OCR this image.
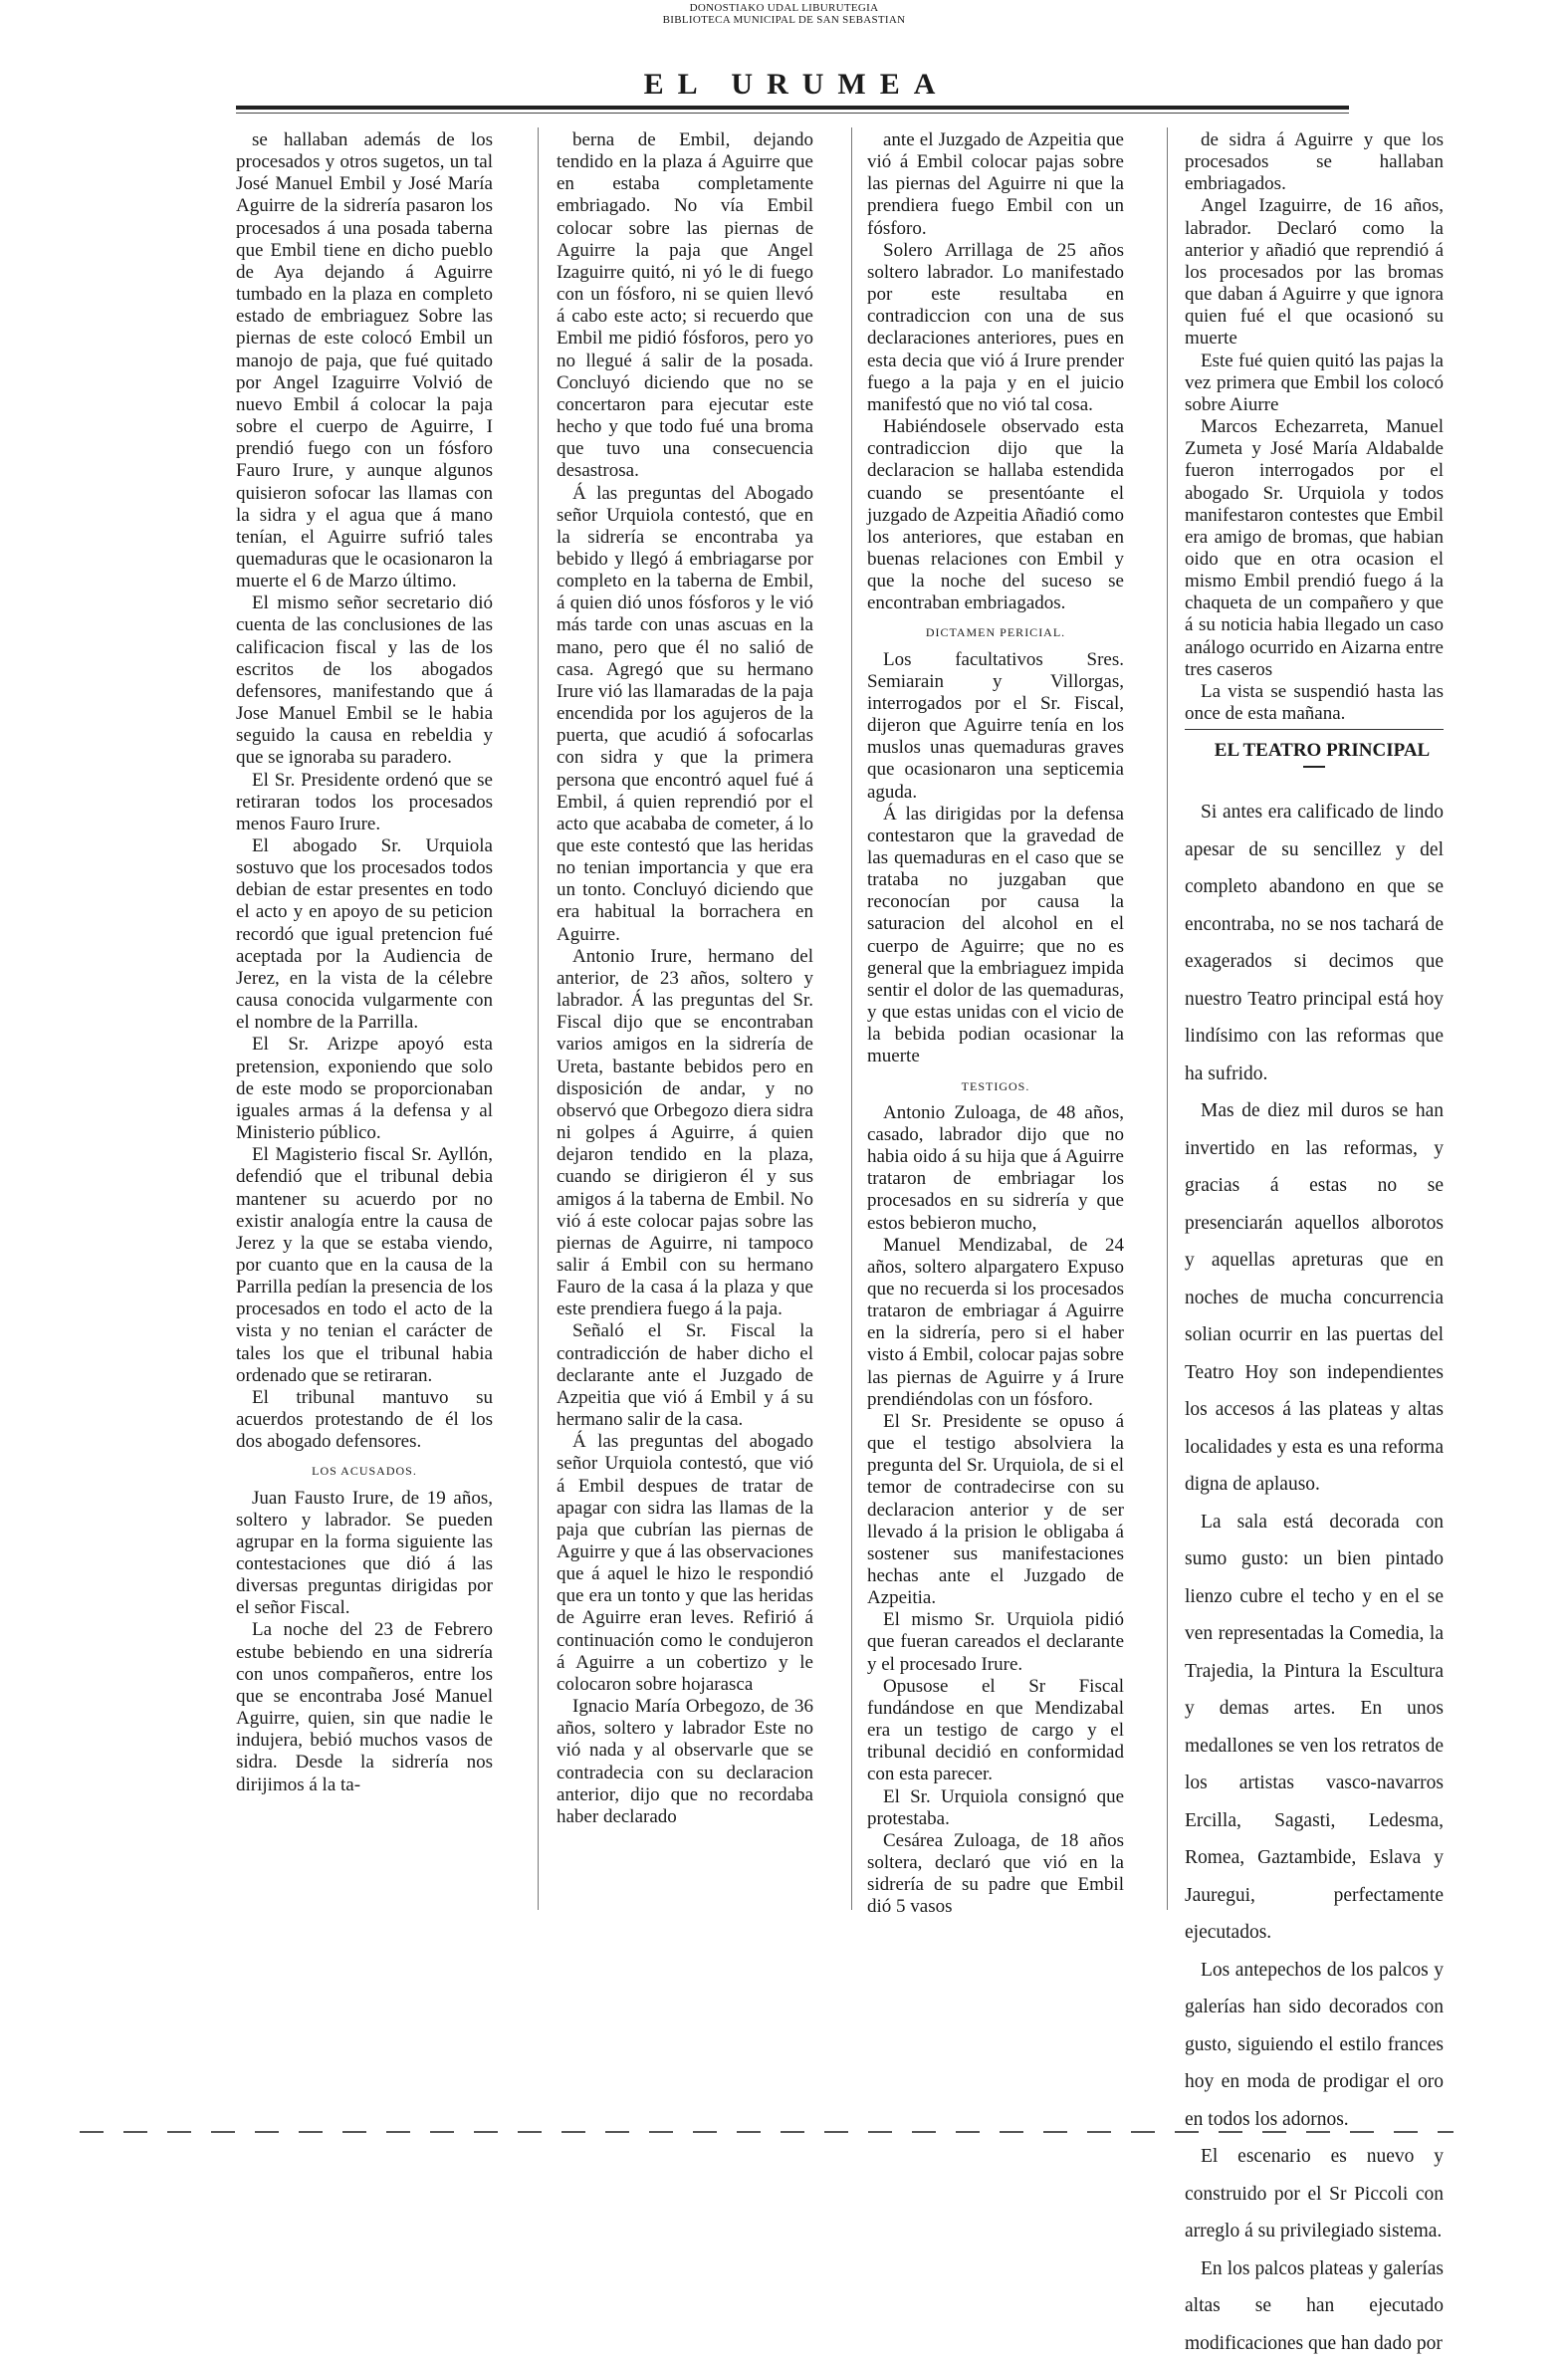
DONOSTIAKO UDAL LIBURUTEGIA
BIBLIOTECA MUNICIPAL DE SAN SEBASTIAN
EL URUMEA

se hallaban además de los procesados y otros sugetos, un tal José Manuel Embil y José María Aguirre de la sidrería pasaron los procesados á una posada taberna que Embil tiene en dicho pueblo de Aya dejando á Aguirre tumbado en la plaza en completo estado de embriaguez Sobre las piernas de este colocó Embil un manojo de paja, que fué quitado por Angel Izaguirre Volvió de nuevo Embil á colocar la paja sobre el cuerpo de Aguirre, I prendió fuego con un fósforo Fauro Irure, y aunque algunos quisieron sofocar las llamas con la sidra y el agua que á mano tenían, el Aguirre sufrió tales quemaduras que le ocasionaron la muerte el 6 de Marzo último.

El mismo señor secretario dió cuenta de las conclusiones de las calificacion fiscal y las de los escritos de los abogados defensores, manifestando que á Jose Manuel Embil se le habia seguido la causa en rebeldia y que se ignoraba su paradero.

El Sr. Presidente ordenó que se retiraran todos los procesados menos Fauro Irure.

El abogado Sr. Urquiola sostuvo que los procesados todos debian de estar presentes en todo el acto y en apoyo de su peticion recordó que igual pretencion fué aceptada por la Audiencia de Jerez, en la vista de la célebre causa conocida vulgarmente con el nombre de la Parrilla.

El Sr. Arizpe apoyó esta pretension, exponiendo que solo de este modo se proporcionaban iguales armas á la defensa y al Ministerio público.

El Magisterio fiscal Sr. Ayllón, defendió que el tribunal debia mantener su acuerdo por no existir analogía entre la causa de Jerez y la que se estaba viendo, por cuanto que en la causa de la Parrilla pedían la presencia de los procesados en todo el acto de la vista y no tenian el carácter de tales los que el tribunal habia ordenado que se retiraran.

El tribunal mantuvo su acuerdos protestando de él los dos abogado defensores.

LOS ACUSADOS.

Juan Fausto Irure, de 19 años, soltero y labrador. Se pueden agrupar en la forma siguiente las contestaciones que dió á las diversas preguntas dirigidas por el señor Fiscal.

La noche del 23 de Febrero estube bebiendo en una sidrería con unos compañeros, entre los que se encontraba José Manuel Aguirre, quien, sin que nadie le indujera, bebió muchos vasos de sidra. Desde la sidrería nos dirijimos á la ta-

berna de Embil, dejando tendido en la plaza á Aguirre que en estaba completamente embriagado. No vía Embil colocar sobre las piernas de Aguirre la paja que Angel Izaguirre quitó, ni yó le di fuego con un fósforo, ni se quien llevó á cabo este acto; si recuerdo que Embil me pidió fósforos, pero yo no llegué á salir de la posada. Concluyó diciendo que no se concertaron para ejecutar este hecho y que todo fué una broma que tuvo una consecuencia desastrosa.

Á las preguntas del Abogado señor Urquiola contestó, que en la sidrería se encontraba ya bebido y llegó á embriagarse por completo en la taberna de Embil, á quien dió unos fósforos y le vió más tarde con unas ascuas en la mano, pero que él no salió de casa. Agregó que su hermano Irure vió las llamaradas de la paja encendida por los agujeros de la puerta, que acudió á sofocarlas con sidra y que la primera persona que encontró aquel fué á Embil, á quien reprendió por el acto que acababa de cometer, á lo que este contestó que las heridas no tenian importancia y que era un tonto. Concluyó diciendo que era habitual la borrachera en Aguirre.

Antonio Irure, hermano del anterior, de 23 años, soltero y labrador. Á las preguntas del Sr. Fiscal dijo que se encontraban varios amigos en la sidrería de Ureta, bastante bebidos pero en disposición de andar, y no observó que Orbegozo diera sidra ni golpes á Aguirre, á quien dejaron tendido en la plaza, cuando se dirigieron él y sus amigos á la taberna de Embil. No vió á este colocar pajas sobre las piernas de Aguirre, ni tampoco salir á Embil con su hermano Fauro de la casa á la plaza y que este prendiera fuego á la paja.

Señaló el Sr. Fiscal la contradicción de haber dicho el declarante ante el Juzgado de Azpeitia que vió á Embil y á su hermano salir de la casa.

Á las preguntas del abogado señor Urquiola contestó, que vió á Embil despues de tratar de apagar con sidra las llamas de la paja que cubrían las piernas de Aguirre y que á las observaciones que á aquel le hizo le respondió que era un tonto y que las heridas de Aguirre eran leves. Refirió á continuación como le condujeron á Aguirre a un cobertizo y le colocaron sobre hojarasca

Ignacio María Orbegozo, de 36 años, soltero y labrador Este no vió nada y al observarle que se contradecia con su declaracion anterior, dijo que no recordaba haber declarado

ante el Juzgado de Azpeitia que vió á Embil colocar pajas sobre las piernas del Aguirre ni que la prendiera fuego Embil con un fósforo.

Solero Arrillaga de 25 años soltero labrador. Lo manifestado por este resultaba en contradiccion con una de sus declaraciones anteriores, pues en esta decia que vió á Irure prender fuego a la paja y en el juicio manifestó que no vió tal cosa.

Habiéndosele observado esta contradiccion dijo que la declaracion se hallaba estendida cuando se presentóante el juzgado de Azpeitia Añadió como los anteriores, que estaban en buenas relaciones con Embil y que la noche del suceso se encontraban embriagados.

DICTAMEN PERICIAL.

Los facultativos Sres. Semiarain y Villorgas, interrogados por el Sr. Fiscal, dijeron que Aguirre tenía en los muslos unas quemaduras graves que ocasionaron una septicemia aguda.

Á las dirigidas por la defensa contestaron que la gravedad de las quemaduras en el caso que se trataba no juzgaban que reconocían por causa la saturacion del alcohol en el cuerpo de Aguirre; que no es general que la embriaguez impida sentir el dolor de las quemaduras, y que estas unidas con el vicio de la bebida podian ocasionar la muerte

TESTIGOS.

Antonio Zuloaga, de 48 años, casado, labrador dijo que no habia oido á su hija que á Aguirre trataron de embriagar los procesados en su sidrería y que estos bebieron mucho,

Manuel Mendizabal, de 24 años, soltero alpargatero Expuso que no recuerda si los procesados trataron de embriagar á Aguirre en la sidrería, pero si el haber visto á Embil, colocar pajas sobre las piernas de Aguirre y á Irure prendiéndolas con un fósforo.

El Sr. Presidente se opuso á que el testigo absolviera la pregunta del Sr. Urquiola, de si el temor de contradecirse con su declaracion anterior y de ser llevado á la prision le obligaba á sostener sus manifestaciones hechas ante el Juzgado de Azpeitia.

El mismo Sr. Urquiola pidió que fueran careados el declarante y el procesado Irure.

Opusose el Sr Fiscal fundándose en que Mendizabal era un testigo de cargo y el tribunal decidió en conformidad con esta parecer.

El Sr. Urquiola consignó que protestaba.

Cesárea Zuloaga, de 18 años soltera, declaró que vió en la sidrería de su padre que Embil dió 5 vasos

de sidra á Aguirre y que los procesados se hallaban embriagados.

Angel Izaguirre, de 16 años, labrador. Declaró como la anterior y añadió que reprendió á los procesados por las bromas que daban á Aguirre y que ignora quien fué el que ocasionó su muerte

Este fué quien quitó las pajas la vez primera que Embil los colocó sobre Aiurre

Marcos Echezarreta, Manuel Zumeta y José María Aldabalde fueron interrogados por el abogado Sr. Urquiola y todos manifestaron contestes que Embil era amigo de bromas, que habian oido que en otra ocasion el mismo Embil prendió fuego á la chaqueta de un compañero y que á su noticia habia llegado un caso análogo ocurrido en Aizarna entre tres caseros

La vista se suspendió hasta las once de esta mañana.

EL TEATRO PRINCIPAL

Si antes era calificado de lindo apesar de su sencillez y del completo abandono en que se encontraba, no se nos tachará de exagerados si decimos que nuestro Teatro principal está hoy lindísimo con las reformas que ha sufrido.

Mas de diez mil duros se han invertido en las reformas, y gracias á estas no se presenciarán aquellos alborotos y aquellas apreturas que en noches de mucha concurrencia solian ocurrir en las puertas del Teatro Hoy son independientes los accesos á las plateas y altas localidades y esta es una reforma digna de aplauso.

La sala está decorada con sumo gusto: un bien pintado lienzo cubre el techo y en el se ven representadas la Comedia, la Trajedia, la Pintura la Escultura y demas artes. En unos medallones se ven los retratos de los artistas vasco-navarros Ercilla, Sagasti, Ledesma, Romea, Gaztambide, Eslava y Jauregui, perfectamente ejecutados.

Los antepechos de los palcos y galerías han sido decorados con gusto, siguiendo el estilo frances hoy en moda de prodigar el oro en todos los adornos.

El escenario es nuevo y construido por el Sr Piccoli con arreglo á su privilegiado sistema.

En los palcos plateas y galerías altas se han ejecutado modificaciones que han dado por
